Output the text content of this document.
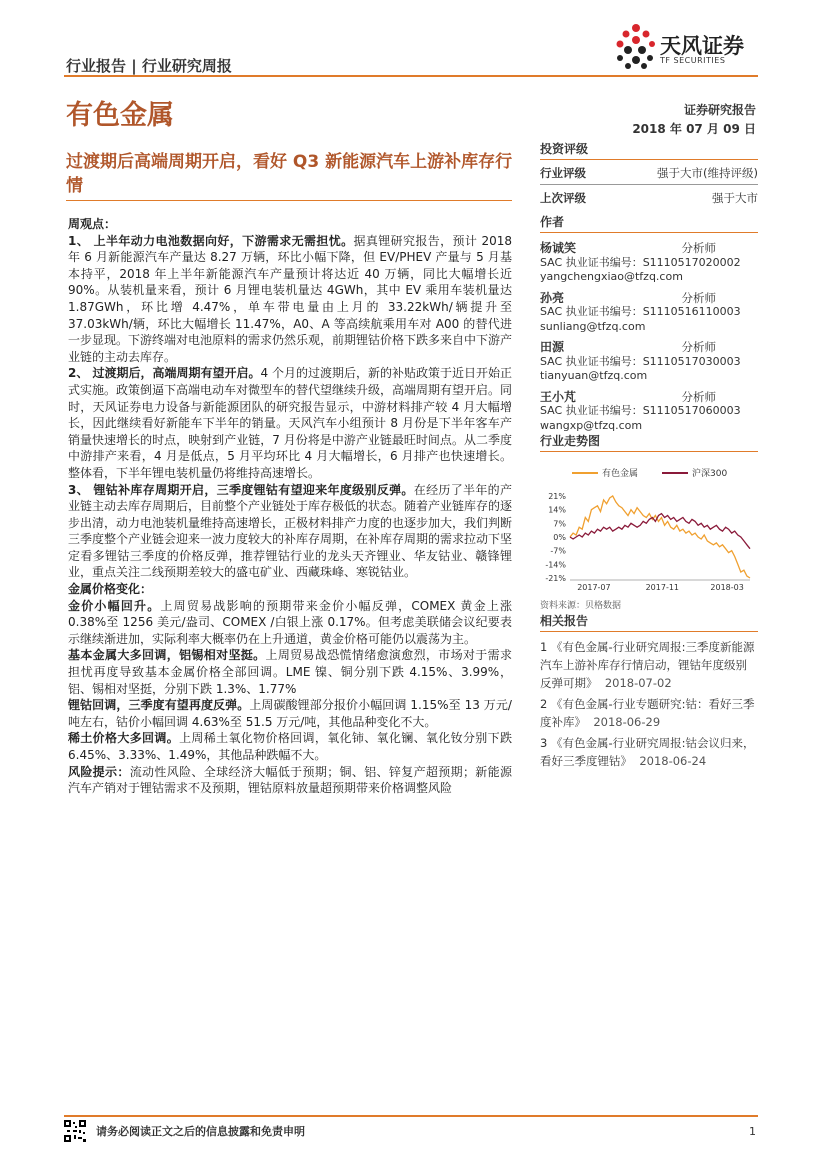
行业报告 | 行业研究周报
天风证券
TF SECURITIES
有色金属	证券研究报告
2018 年 07 月 09 日
过渡期后高端周期开启，看好 Q3 新能源汽车上游补库存行情

周观点：

1、 上半年动力电池数据向好，下游需求无需担忧。据真锂研究报告，预计 2018 年 6 月新能源汽车产量达 8.27 万辆，环比小幅下降，但 EV/PHEV 产量与 5 月基本持平，2018 年上半年新能源汽车产量预计将达近 40 万辆，同比大幅增长近 90%。从装机量来看，预计 6 月锂电装机量达 4GWh，其中 EV 乘用车装机量达 1.87GWh，环比增 4.47%，单车带电量由上月的 33.22kWh/辆提升至 37.03kWh/辆，环比大幅增长 11.47%，A0、A 等高续航乘用车对 A00 的替代进一步显现。下游终端对电池原料的需求仍然乐观，前期锂钴价格下跌多来自中下游产业链的主动去库存。

2、 过渡期后，高端周期有望开启。4 个月的过渡期后，新的补贴政策于近日开始正式实施。政策倒逼下高端电动车对微型车的替代望继续升级，高端周期有望开启。同时，天风证券电力设备与新能源团队的研究报告显示，中游材料排产较 4 月大幅增长，因此继续看好新能车下半年的销量。天风汽车小组预计 8 月份是下半年客车产销量快速增长的时点，映射到产业链，7 月份将是中游产业链最旺时间点。从二季度中游排产来看，4 月是低点，5 月平均环比 4 月大幅增长，6 月排产也快速增长。整体看，下半年锂电装机量仍将维持高速增长。

3、 锂钴补库存周期开启，三季度锂钴有望迎来年度级别反弹。在经历了半年的产业链主动去库存周期后，目前整个产业链处于库存极低的状态。随着产业链库存的逐步出清，动力电池装机量维持高速增长，正极材料排产力度的也逐步加大，我们判断三季度整个产业链会迎来一波力度较大的补库存周期，在补库存周期的需求拉动下坚定看多锂钴三季度的价格反弹，推荐锂钴行业的龙头天齐锂业、华友钴业、赣锋锂业，重点关注二线预期差较大的盛屯矿业、西藏珠峰、寒锐钴业。

金属价格变化：

金价小幅回升。上周贸易战影响的预期带来金价小幅反弹，COMEX 黄金上涨 0.38%至 1256 美元/盎司、COMEX /白银上涨 0.17%。但考虑美联储会议纪要表示继续渐进加，实际利率大概率仍在上升通道，黄金价格可能仍以震荡为主。

基本金属大多回调，铝锡相对坚挺。上周贸易战恐慌情绪愈演愈烈，市场对于需求担忧再度导致基本金属价格全部回调。LME 镍、铜分别下跌 4.15%、3.99%，铝、锡相对坚挺，分别下跌 1.3%、1.77%

锂钴回调，三季度有望再度反弹。上周碳酸锂部分报价小幅回调 1.15%至 13 万元/吨左右，钴价小幅回调 4.63%至 51.5 万元/吨，其他品种变化不大。

稀土价格大多回调。上周稀土氧化物价格回调，氧化铈、氧化镧、氧化钕分别下跌 6.45%、3.33%、1.49%，其他品种跌幅不大。

风险提示：流动性风险、全球经济大幅低于预期；铜、铝、锌复产超预期；新能源汽车产销对于锂钴需求不及预期，锂钴原料放量超预期带来价格调整风险

投资评级
行业评级	强于大市(维持评级)
上次评级	强于大市
作者
杨诚笑	分析师
SAC 执业证书编号：S1110517020002
yangchengxiao@tfzq.com
孙亮	分析师
SAC 执业证书编号：S1110516110003
sunliang@tfzq.com
田源	分析师
SAC 执业证书编号：S1110517030003
tianyuan@tfzq.com
王小芃	分析师
SAC 执业证书编号：S1110517060003
wangxp@tfzq.com
行业走势图
有色金属	沪深300
21%
14%
7%
0%
-7%
-14%
-21%
2017-07	2017-11	2018-03
资料来源：贝格数据
相关报告

1 《有色金属-行业研究周报:三季度新能源汽车上游补库存行情启动，锂钴年度级别反弹可期》 2018-07-02

2 《有色金属-行业专题研究:钴：看好三季度补库》 2018-06-29

3 《有色金属-行业研究周报:钴会议归来，看好三季度锂钴》 2018-06-24

请务必阅读正文之后的信息披露和免责申明	1
